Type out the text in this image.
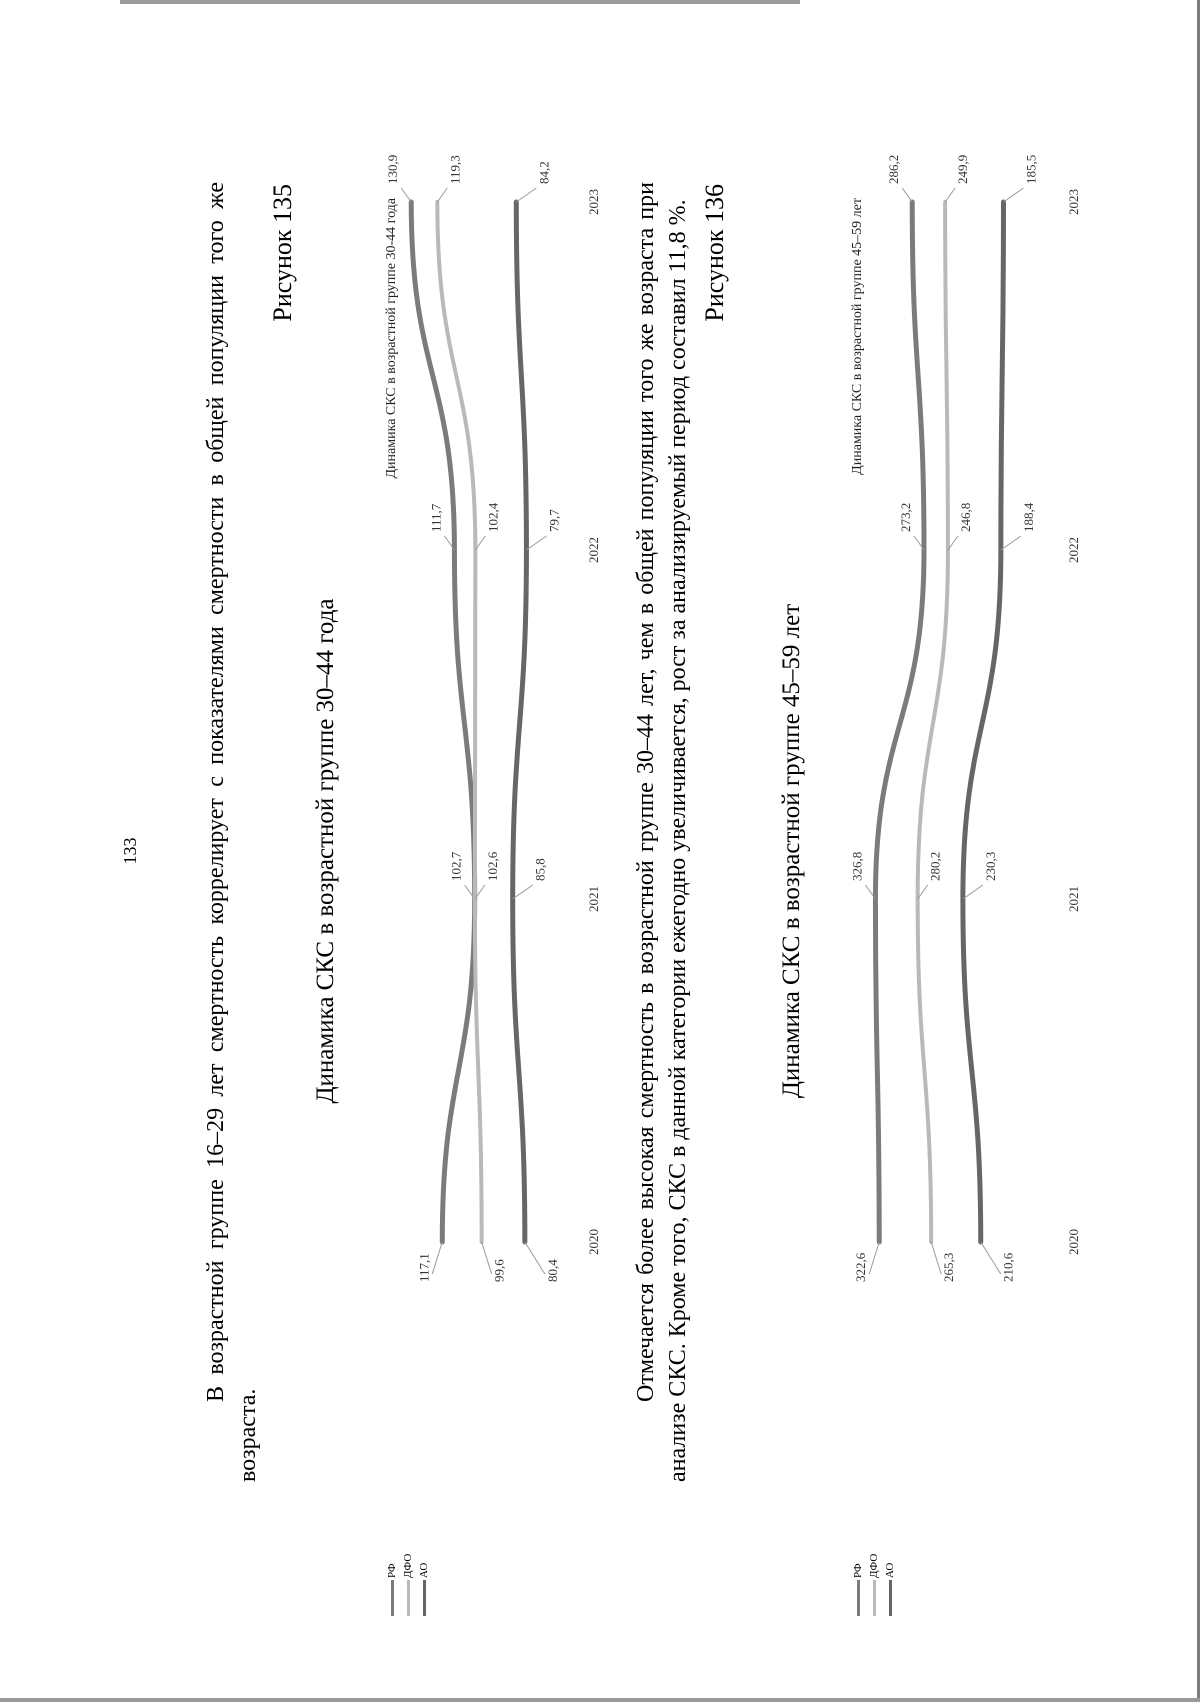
133	В возрастной группе 16–29 лет смертность коррелирует с показателями смертности в общей популяции того же возраста.
Рисунок 135
Динамика СКС в возрастной группе 30–44 года
Динамика СКС в возрастной группе 30-44 года
РФ ДФО АО
117,1
102,7
111,7
130,9
99,6
102,6
102,4
119,3
80,4
85,8
79,7
84,2
2020
2021
2022
2023 Отмечается более высокая смертность в возрастной группе 30–44 лет, чем в общей популяции того же возраста при анализе СКС. Кроме того, СКС в данной категории ежегодно увеличивается, рост за анализируемый период составил 11,8 %. Рисунок 136
Динамика СКС в возрастной группе 45–59 лет
Динамика СКС в возрастной группе 45–59 лет
РФ ДФО АО
322,6
326,8
273,2
286,2
265,3
280,2
246,8
249,9
210,6
230,3
188,4
185,5
2020
2021
2022
2023
